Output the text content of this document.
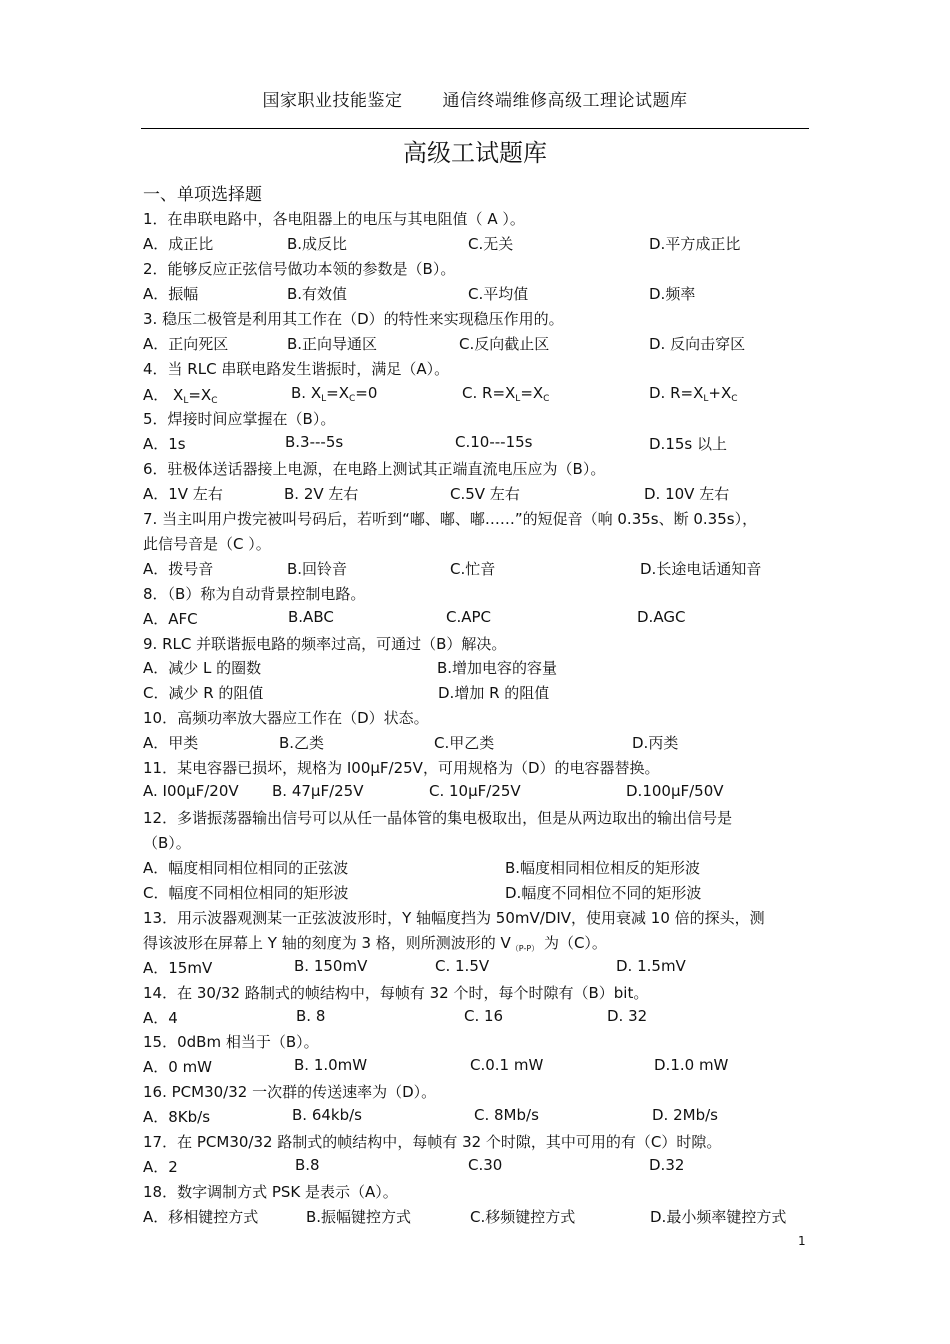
国家职业技能鉴定 通信终端维修高级工理论试题库
高级工试题库
一、单项选择题
1．在串联电路中，各电阻器上的电压与其电阻值（ A ）。
A．成正比	B.成反比	C.无关	D.平方成正比
2．能够反应正弦信号做功本领的参数是（B）。
A．振幅	B.有效值	C.平均值	D.频率
3. 稳压二极管是利用其工作在（D）的特性来实现稳压作用的。
A．正向死区	B.正向导通区	C.反向截止区	D. 反向击穿区
4．当 RLC 串联电路发生谐振时，满足（A）。
A． $X_L=X_C$	B. $X_L=X_C=0$	C. $R=X_L=X_C$	D. $R=X_L+X_C$
5．焊接时间应掌握在（B）。
A．1s	B.3---5s	C.10---15s	D.15s 以上
6．驻极体送话器接上电源，在电路上测试其正端直流电压应为（B）。
A．1V 左右	B. 2V 左右	C.5V 左右	D. 10V 左右
7. 当主叫用户拨完被叫号码后，若听到“嘟、嘟、嘟……”的短促音（响 0.35s、断 0.35s），
此信号音是（C ）。
A．拨号音	B.回铃音	C.忙音	D.长途电话通知音
8．（B）称为自动背景控制电路。
A．AFC	B.ABC	C.APC	D.AGC
9. RLC 并联谐振电路的频率过高，可通过（B）解决。
A．减少 L 的圈数	B.增加电容的容量
C．减少 R 的阻值	D.增加 R 的阻值
10．高频功率放大器应工作在（D）状态。
A．甲类	B.乙类	C.甲乙类	D.丙类
11．某电容器已损坏，规格为 I00μF/25V，可用规格为（D）的电容器替换。
A. I00μF/20V B. 47μF/25V	C. 10μF/25V	D.100μF/50V
12．多谐振荡器输出信号可以从任一晶体管的集电极取出，但是从两边取出的输出信号是
（B）。
A．幅度相同相位相同的正弦波	B.幅度相同相位相反的矩形波
C．幅度不同相位相同的矩形波	D.幅度不同相位不同的矩形波
13．用示波器观测某一正弦波波形时，Y 轴幅度挡为 50mV/DIV，使用衰减 10 倍的探头，测
得该波形在屏幕上 Y 轴的刻度为 3 格，则所测波形的 $V_{(P-P)}$ 为（C）。
A．15mV	B. 150mV	C. 1.5V	D. 1.5mV
14．在 30/32 路制式的帧结构中，每帧有 32 个时，每个时隙有（B）bit。
A．4	B. 8	C. 16	D. 32
15．0dBm 相当于（B）。
A．0 mW	B. 1.0mW	C.0.1 mW	D.1.0 mW
16. PCM30/32 一次群的传送速率为（D）。
A．8Kb/s	B. 64kb/s	C. 8Mb/s	D. 2Mb/s
17．在 PCM30/32 路制式的帧结构中，每帧有 32 个时隙，其中可用的有（C）时隙。
A．2	B.8	C.30	D.32
18．数字调制方式 PSK 是表示（A）。
A．移相键控方式	B.振幅键控方式	C.移频键控方式	D.最小频率键控方式
1
